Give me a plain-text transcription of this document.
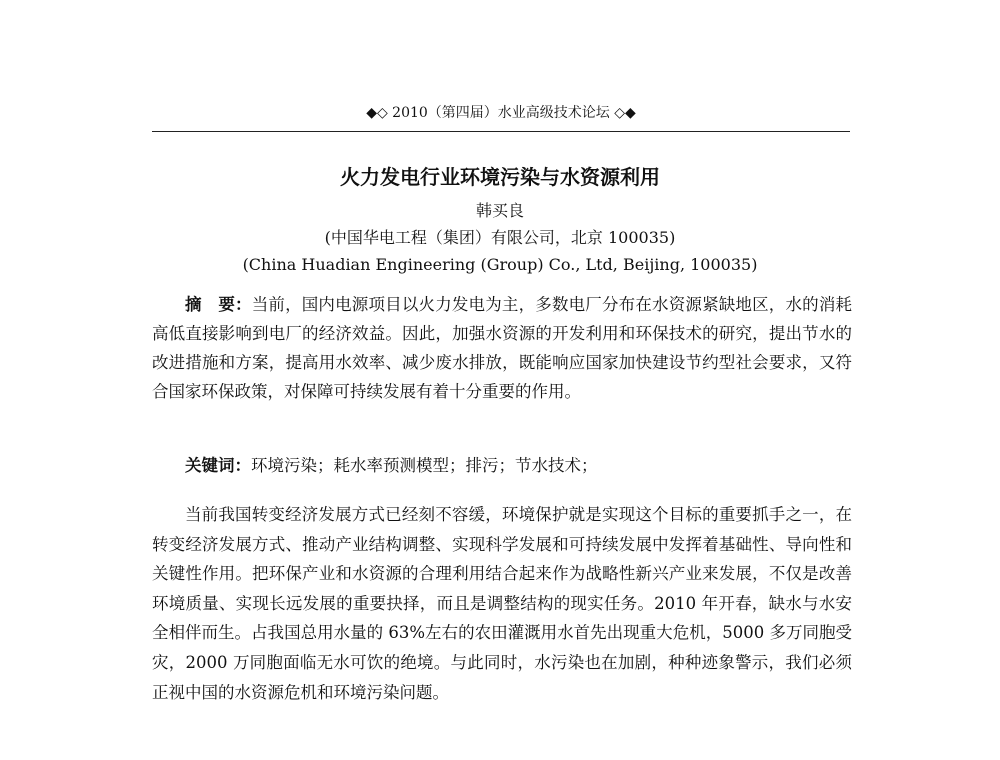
◆◇ 2010（第四届）水业高级技术论坛 ◇◆
火力发电行业环境污染与水资源利用
韩买良
(中国华电工程（集团）有限公司，北京 100035)
(China Huadian Engineering (Group) Co., Ltd, Beijing, 100035)
摘　要：当前，国内电源项目以火力发电为主，多数电厂分布在水资源紧缺地区，水的消耗高低直接影响到电厂的经济效益。因此，加强水资源的开发利用和环保技术的研究，提出节水的改进措施和方案，提高用水效率、减少废水排放，既能响应国家加快建设节约型社会要求，又符合国家环保政策，对保障可持续发展有着十分重要的作用。
关键词：环境污染；耗水率预测模型；排污；节水技术；
当前我国转变经济发展方式已经刻不容缓，环境保护就是实现这个目标的重要抓手之一，在转变经济发展方式、推动产业结构调整、实现科学发展和可持续发展中发挥着基础性、导向性和关键性作用。把环保产业和水资源的合理利用结合起来作为战略性新兴产业来发展，不仅是改善环境质量、实现长远发展的重要抉择，而且是调整结构的现实任务。2010 年开春，缺水与水安全相伴而生。占我国总用水量的 63%左右的农田灌溉用水首先出现重大危机，5000 多万同胞受灾，2000 万同胞面临无水可饮的绝境。与此同时，水污染也在加剧，种种迹象警示，我们必须正视中国的水资源危机和环境污染问题。
